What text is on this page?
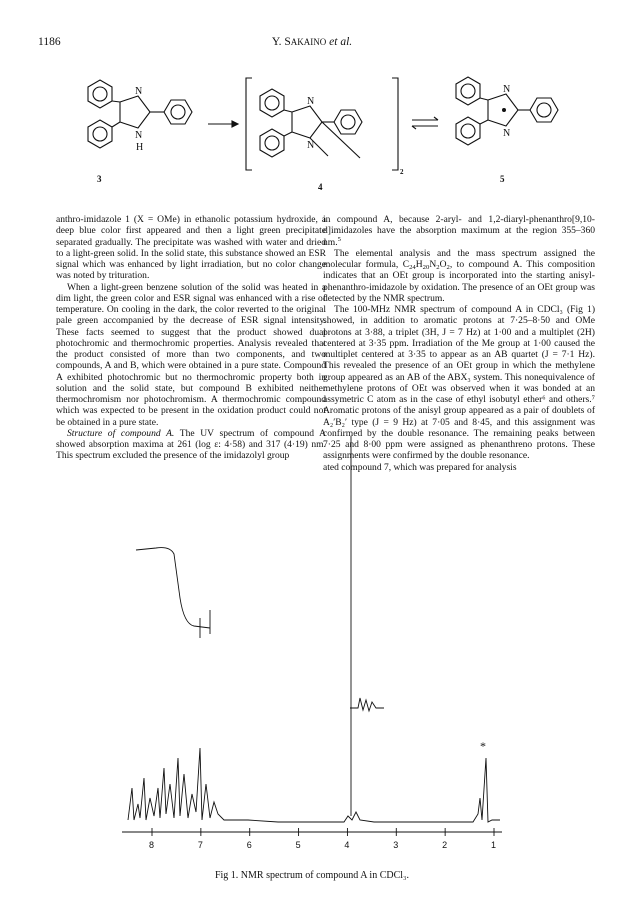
1186	Y. SAKAINO et al.
N
N
H
N
N
N
N
3
4
2
5

anthro-imidazole 1 (X = OMe) in ethanolic potassium hydroxide, a deep blue color first appeared and then a light green precipitate separated gradually. The precipitate was washed with water and dried to a light-green solid. In the solid state, this substance showed an ESR signal which was enhanced by light irradiation, but no color change was noted by trituration.

When a light-green benzene solution of the solid was heated in a dim light, the green color and ESR signal was enhanced with a rise of temperature. On cooling in the dark, the color reverted to the original pale green accompanied by the decrease of ESR signal intensity. These facts seemed to suggest that the product showed dual photochromic and thermochromic properties. Analysis revealed that the product consisted of more than two components, and two compounds, A and B, which were obtained in a pure state. Compound A exhibited photochromic but no thermochromic property both in solution and the solid state, but compound B exhibited neither thermochromism nor photochromism. A thermochromic compound which was expected to be present in the oxidation product could not be obtained in a pure state.

Structure of compound A. The UV spectrum of compound A showed absorption maxima at 261 (log ε: 4·58) and 317 (4·19) nm. This spectrum excluded the presence of the imidazolyl group

in compound A, because 2-aryl- and 1,2-diaryl-phenanthro[9,10-d]imidazoles have the absorption maximum at the region 355–360 nm.$^5$

The elemental analysis and the mass spectrum assigned the molecular formula, $C_{24}H_{20}N_2O_2$, to compound A. This composition indicates that an OEt group is incorporated into the starting anisyl-phenanthro-imidazole by oxidation. The presence of an OEt group was detected by the NMR spectrum.

The 100-MHz NMR spectrum of compound A in CDCl₃ (Fig 1) showed, in addition to aromatic protons at 7·25–8·50 and OMe protons at 3·88, a triplet (3H, J = 7 Hz) at 1·00 and a multiplet (2H) centered at 3·35 ppm. Irradiation of the Me group at 1·00 caused the multiplet centered at 3·35 to appear as an AB quartet (J = 7·1 Hz). This revealed the presence of an OEt group in which the methylene group appeared as an AB of the ABX₃ system. This nonequivalence of methylene protons of OEt was observed when it was bonded at an assymetric C atom as in the case of ethyl isobutyl ether⁶ and others.⁷ Aromatic protons of the anisyl group appeared as a pair of doublets of A₂′B₂′ type (J = 9 Hz) at 7·05 and 8·45, and this assignment was confirmed by the double resonance. The remaining peaks between 7·25 and 8·00 ppm were assigned as phenanthreno protons. These assignments were confirmed by the double resonance.

ated compound 7, which was prepared for analysis

*
8	7	6	5	4	3	2	1
Fig 1. NMR spectrum of compound A in CDCl₃.
